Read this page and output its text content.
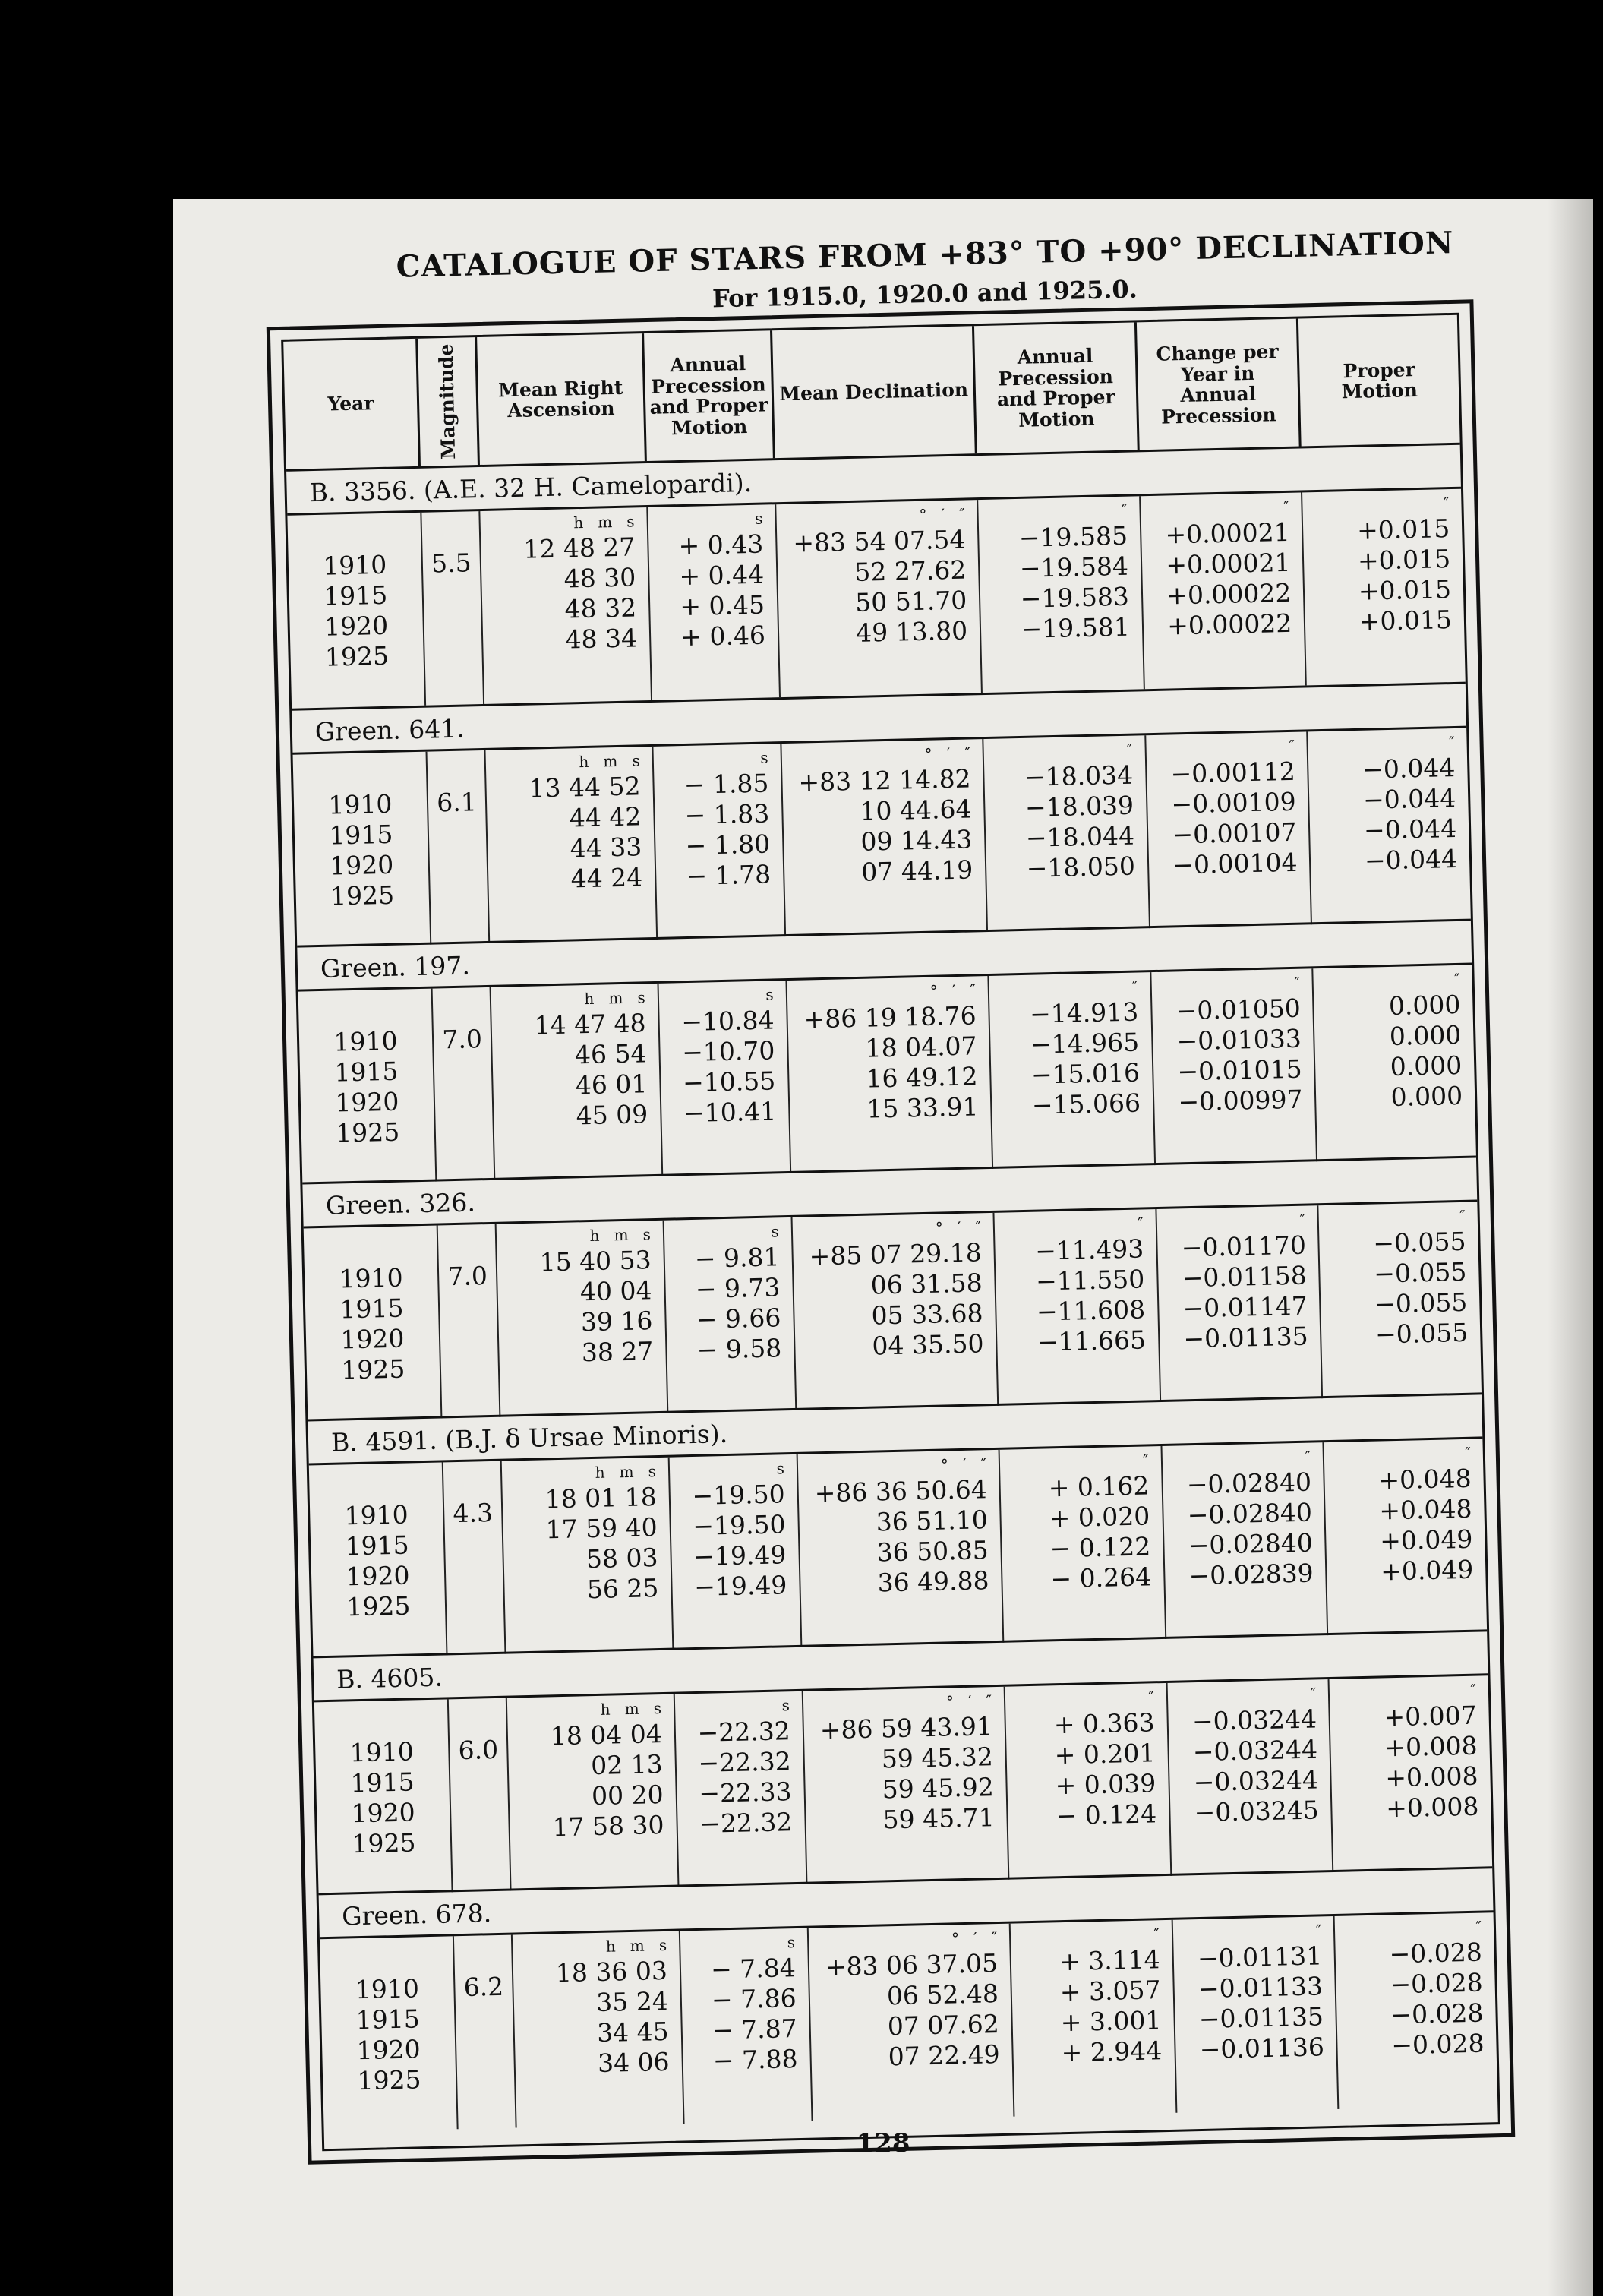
CATALOGUE OF STARS FROM +83° TO +90° DECLINATION
For 1915.0, 1920.0 and 1925.0.
Year	Magnitude	Mean Right Ascension
Annual Precession and Proper Motion
Mean Declination
Annual Precession and Proper Motion
Change per Year in Annual Precession
Proper Motion
B. 3356. (A.E. 32 H. Camelopardi).
1910
1915
1920
1925
5.5
h   m   s
12 48 27
48 30
48 32
48 34
s
+ 0.43
+ 0.44
+ 0.45
+ 0.46
°   ′   ″
+83 54 07.54
52 27.62
50 51.70
49 13.80
″
−19.585
−19.584
−19.583
−19.581
″
+0.00021
+0.00021
+0.00022
+0.00022
″
+0.015
+0.015
+0.015
+0.015
Green. 641.
1910
1915
1920
1925
6.1
h   m   s
13 44 52
44 42
44 33
44 24
s
− 1.85
− 1.83
− 1.80
− 1.78
°   ′   ″
+83 12 14.82
10 44.64
09 14.43
07 44.19
″
−18.034
−18.039
−18.044
−18.050
″
−0.00112
−0.00109
−0.00107
−0.00104
″
−0.044
−0.044
−0.044
−0.044
Green. 197.
1910
1915
1920
1925
7.0
h   m   s
14 47 48
46 54
46 01
45 09
s
−10.84
−10.70
−10.55
−10.41
°   ′   ″
+86 19 18.76
18 04.07
16 49.12
15 33.91
″
−14.913
−14.965
−15.016
−15.066
″
−0.01050
−0.01033
−0.01015
−0.00997
″
0.000
0.000
0.000
0.000
Green. 326.
1910
1915
1920
1925
7.0
h   m   s
15 40 53
40 04
39 16
38 27
s
− 9.81
− 9.73
− 9.66
− 9.58
°   ′   ″
+85 07 29.18
06 31.58
05 33.68
04 35.50
″
−11.493
−11.550
−11.608
−11.665
″
−0.01170
−0.01158
−0.01147
−0.01135
″
−0.055
−0.055
−0.055
−0.055
B. 4591. (B.J. δ Ursae Minoris).
1910
1915
1920
1925
4.3
h   m   s
18 01 18
17 59 40
58 03
56 25
s
−19.50
−19.50
−19.49
−19.49
°   ′   ″
+86 36 50.64
36 51.10
36 50.85
36 49.88
″
+ 0.162
+ 0.020
− 0.122
− 0.264
″
−0.02840
−0.02840
−0.02840
−0.02839
″
+0.048
+0.048
+0.049
+0.049
B. 4605.
1910
1915
1920
1925
6.0
h   m   s
18 04 04
02 13
00 20
17 58 30
s
−22.32
−22.32
−22.33
−22.32
°   ′   ″
+86 59 43.91
59 45.32
59 45.92
59 45.71
″
+ 0.363
+ 0.201
+ 0.039
− 0.124
″
−0.03244
−0.03244
−0.03244
−0.03245
″
+0.007
+0.008
+0.008
+0.008
Green. 678.
1910
1915
1920
1925
6.2
h   m   s
18 36 03
35 24
34 45
34 06
s
− 7.84
− 7.86
− 7.87
− 7.88
°   ′   ″
+83 06 37.05
06 52.48
07 07.62
07 22.49
″
+ 3.114
+ 3.057
+ 3.001
+ 2.944
″
−0.01131
−0.01133
−0.01135
−0.01136
″
−0.028
−0.028
−0.028
−0.028
128
